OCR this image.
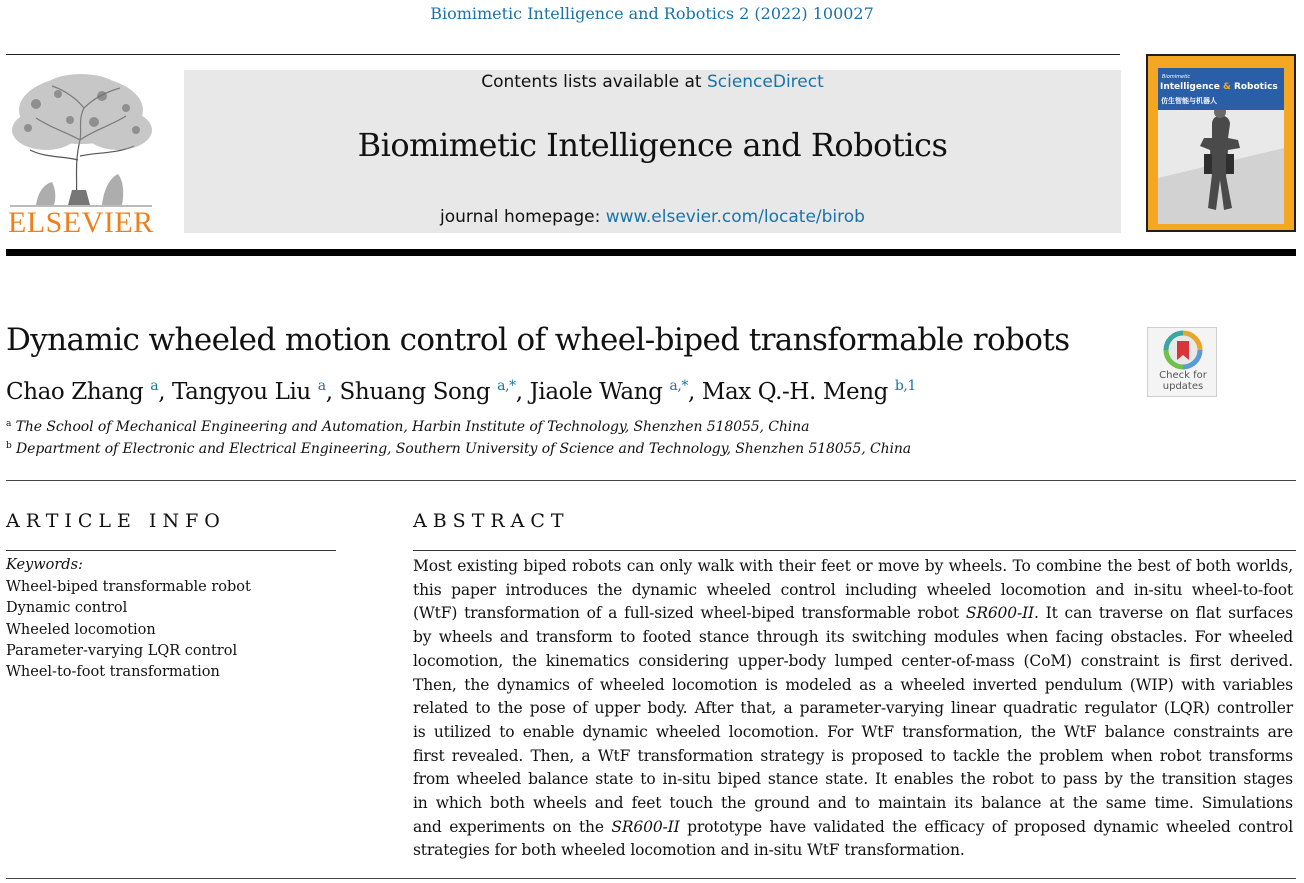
Biomimetic Intelligence and Robotics 2 (2022) 100027
ELSEVIER
Contents lists available at ScienceDirect
Biomimetic Intelligence and Robotics
journal homepage: www.elsevier.com/locate/birob
Biomimetic
Intelligence & Robotics
仿生智能与机器人
Dynamic wheeled motion control of wheel-biped transformable robots
Check for
updates
Chao Zhang $^a$, Tangyou Liu $^a$, Shuang Song $^{a,*}$, Jiaole Wang $^{a,*}$, Max Q.-H. Meng $^{b,1}$
$^a$ The School of Mechanical Engineering and Automation, Harbin Institute of Technology, Shenzhen 518055, China
$^b$ Department of Electronic and Electrical Engineering, Southern University of Science and Technology, Shenzhen 518055, China
ARTICLE INFO
Keywords:
Wheel-biped transformable robot
Dynamic control
Wheeled locomotion
Parameter-varying LQR control
Wheel-to-foot transformation
ABSTRACT
Most existing biped robots can only walk with their feet or move by wheels. To combine the best of both worlds,
this paper introduces the dynamic wheeled control including wheeled locomotion and in-situ wheel-to-foot
(WtF) transformation of a full-sized wheel-biped transformable robot SR600-II. It can traverse on flat surfaces
by wheels and transform to footed stance through its switching modules when facing obstacles. For wheeled
locomotion, the kinematics considering upper-body lumped center-of-mass (CoM) constraint is first derived.
Then, the dynamics of wheeled locomotion is modeled as a wheeled inverted pendulum (WIP) with variables
related to the pose of upper body. After that, a parameter-varying linear quadratic regulator (LQR) controller
is utilized to enable dynamic wheeled locomotion. For WtF transformation, the WtF balance constraints are
first revealed. Then, a WtF transformation strategy is proposed to tackle the problem when robot transforms
from wheeled balance state to in-situ biped stance state. It enables the robot to pass by the transition stages
in which both wheels and feet touch the ground and to maintain its balance at the same time. Simulations
and experiments on the SR600-II prototype have validated the efficacy of proposed dynamic wheeled control
strategies for both wheeled locomotion and in-situ WtF transformation.
